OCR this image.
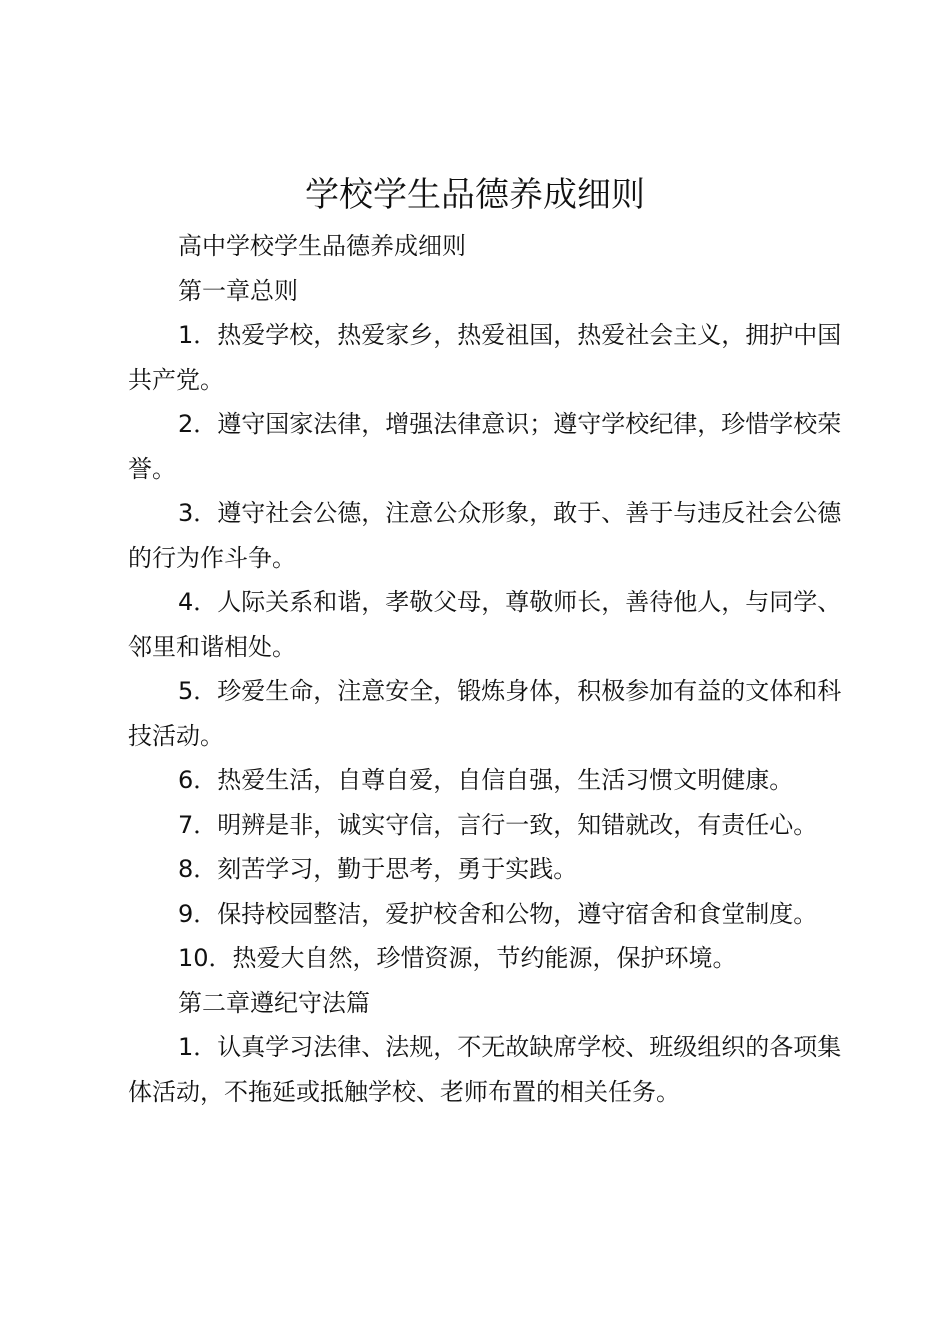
学校学生品德养成细则

高中学校学生品德养成细则

第一章总则

1．热爱学校，热爱家乡，热爱祖国，热爱社会主义，拥护中国共产党。

2．遵守国家法律，增强法律意识；遵守学校纪律，珍惜学校荣誉。

3．遵守社会公德，注意公众形象，敢于、善于与违反社会公德的行为作斗争。

4．人际关系和谐，孝敬父母，尊敬师长，善待他人，与同学、邻里和谐相处。

5．珍爱生命，注意安全，锻炼身体，积极参加有益的文体和科技活动。

6．热爱生活，自尊自爱，自信自强，生活习惯文明健康。

7．明辨是非，诚实守信，言行一致，知错就改，有责任心。

8．刻苦学习，勤于思考，勇于实践。

9．保持校园整洁，爱护校舍和公物，遵守宿舍和食堂制度。

10．热爱大自然，珍惜资源，节约能源，保护环境。

第二章遵纪守法篇

1．认真学习法律、法规，不无故缺席学校、班级组织的各项集体活动，不拖延或抵触学校、老师布置的相关任务。
